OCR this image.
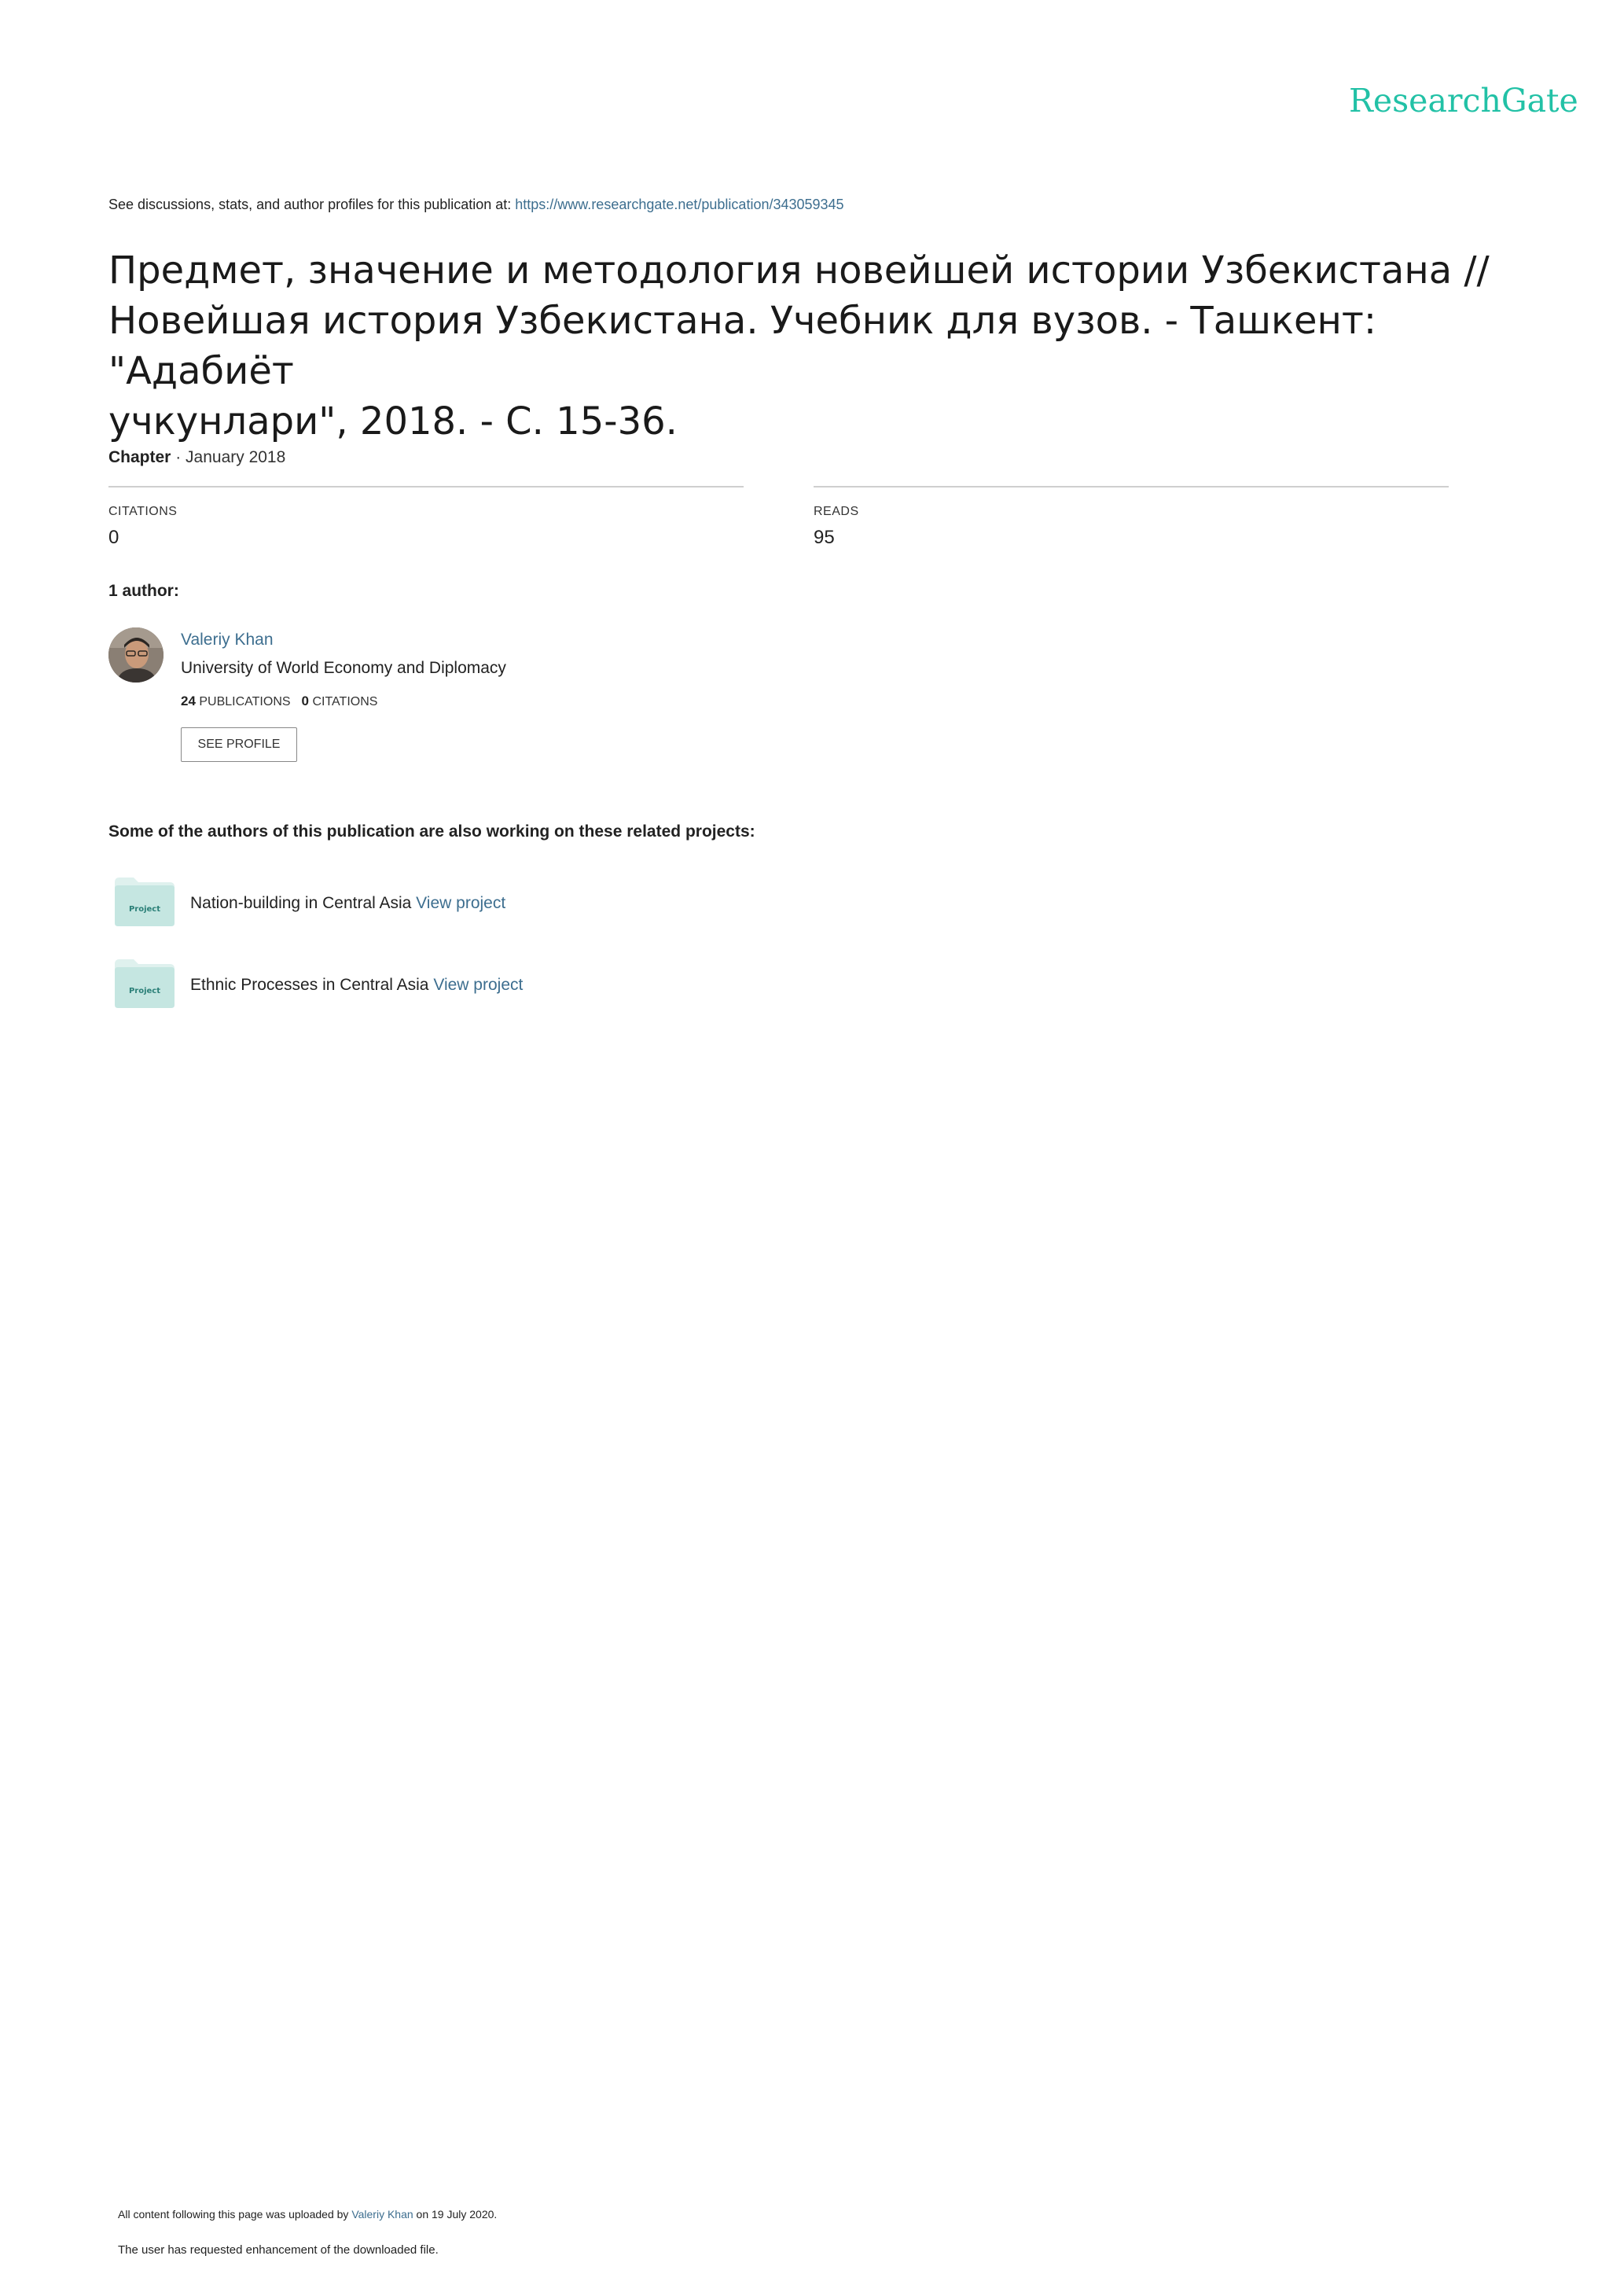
ResearchGate
See discussions, stats, and author profiles for this publication at: https://www.researchgate.net/publication/343059345
Предмет, значение и методология новейшей истории Узбекистана //
Новейшая история Узбекистана. Учебник для вузов. - Ташкент: "Адабиёт
учкунлари", 2018. - С. 15-36.
Chapter · January 2018
CITATIONS
0
READS
95
1 author:
Valeriy Khan
University of World Economy and Diplomacy
24 PUBLICATIONS 0 CITATIONS
SEE PROFILE
Some of the authors of this publication are also working on these related projects:
Project Nation-building in Central Asia View project
Project Ethnic Processes in Central Asia View project
All content following this page was uploaded by Valeriy Khan on 19 July 2020.
The user has requested enhancement of the downloaded file.
